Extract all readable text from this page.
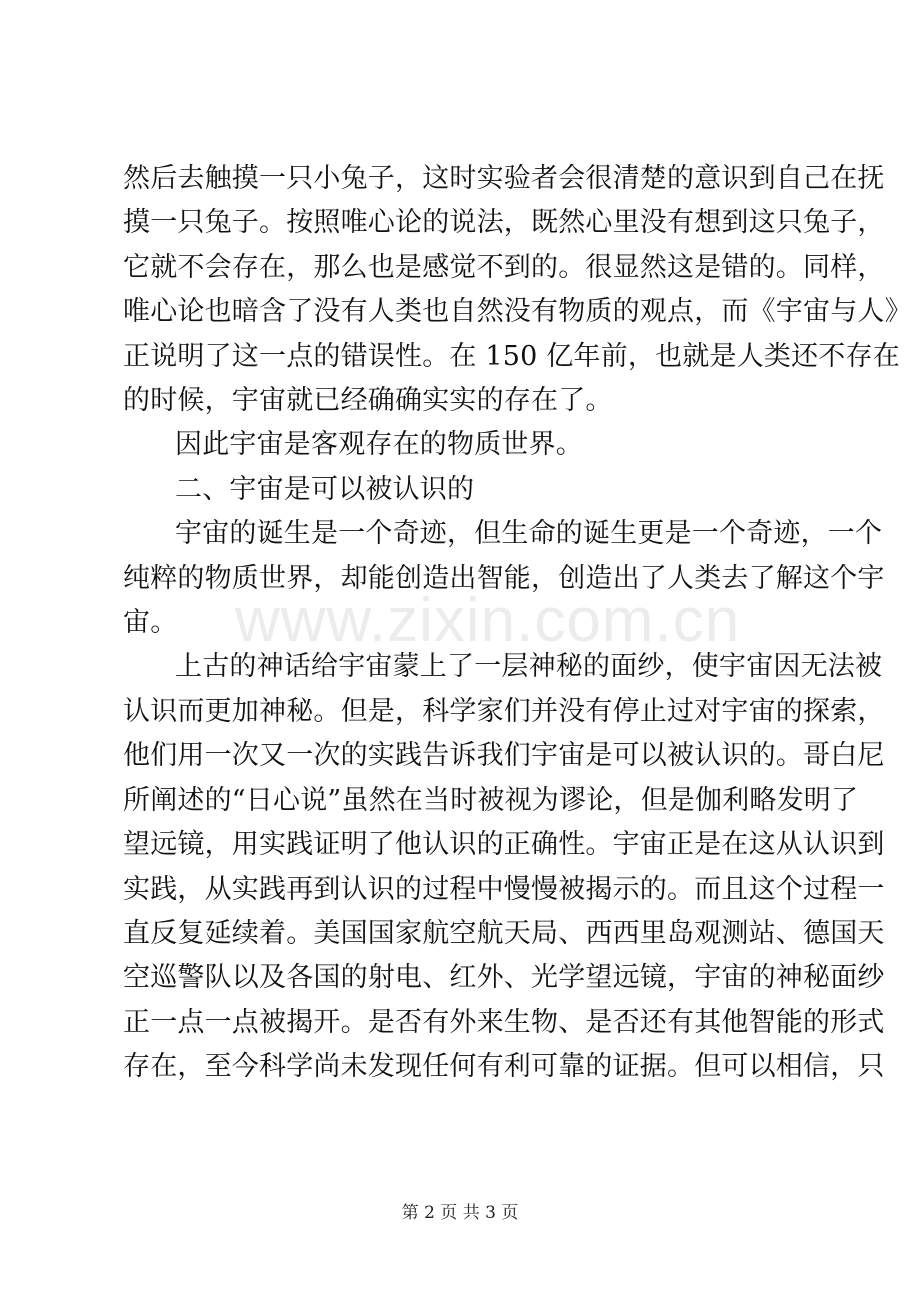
www.zixin.com.cn

然后去触摸一只小兔子，这时实验者会很清楚的意识到自己在抚
摸一只兔子。按照唯心论的说法，既然心里没有想到这只兔子，
它就不会存在，那么也是感觉不到的。很显然这是错的。同样，
唯心论也暗含了没有人类也自然没有物质的观点，而《宇宙与人》
正说明了这一点的错误性。在 150 亿年前，也就是人类还不存在
的时候，宇宙就已经确确实实的存在了。

因此宇宙是客观存在的物质世界。

二、宇宙是可以被认识的

宇宙的诞生是一个奇迹，但生命的诞生更是一个奇迹，一个
纯粹的物质世界，却能创造出智能，创造出了人类去了解这个宇
宙。

上古的神话给宇宙蒙上了一层神秘的面纱，使宇宙因无法被
认识而更加神秘。但是，科学家们并没有停止过对宇宙的探索，
他们用一次又一次的实践告诉我们宇宙是可以被认识的。哥白尼
所阐述的“日心说”虽然在当时被视为谬论，但是伽利略发明了
望远镜，用实践证明了他认识的正确性。宇宙正是在这从认识到
实践，从实践再到认识的过程中慢慢被揭示的。而且这个过程一
直反复延续着。美国国家航空航天局、西西里岛观测站、德国天
空巡警队以及各国的射电、红外、光学望远镜，宇宙的神秘面纱
正一点一点被揭开。是否有外来生物、是否还有其他智能的形式
存在，至今科学尚未发现任何有利可靠的证据。但可以相信，只

第 2 页 共 3 页
